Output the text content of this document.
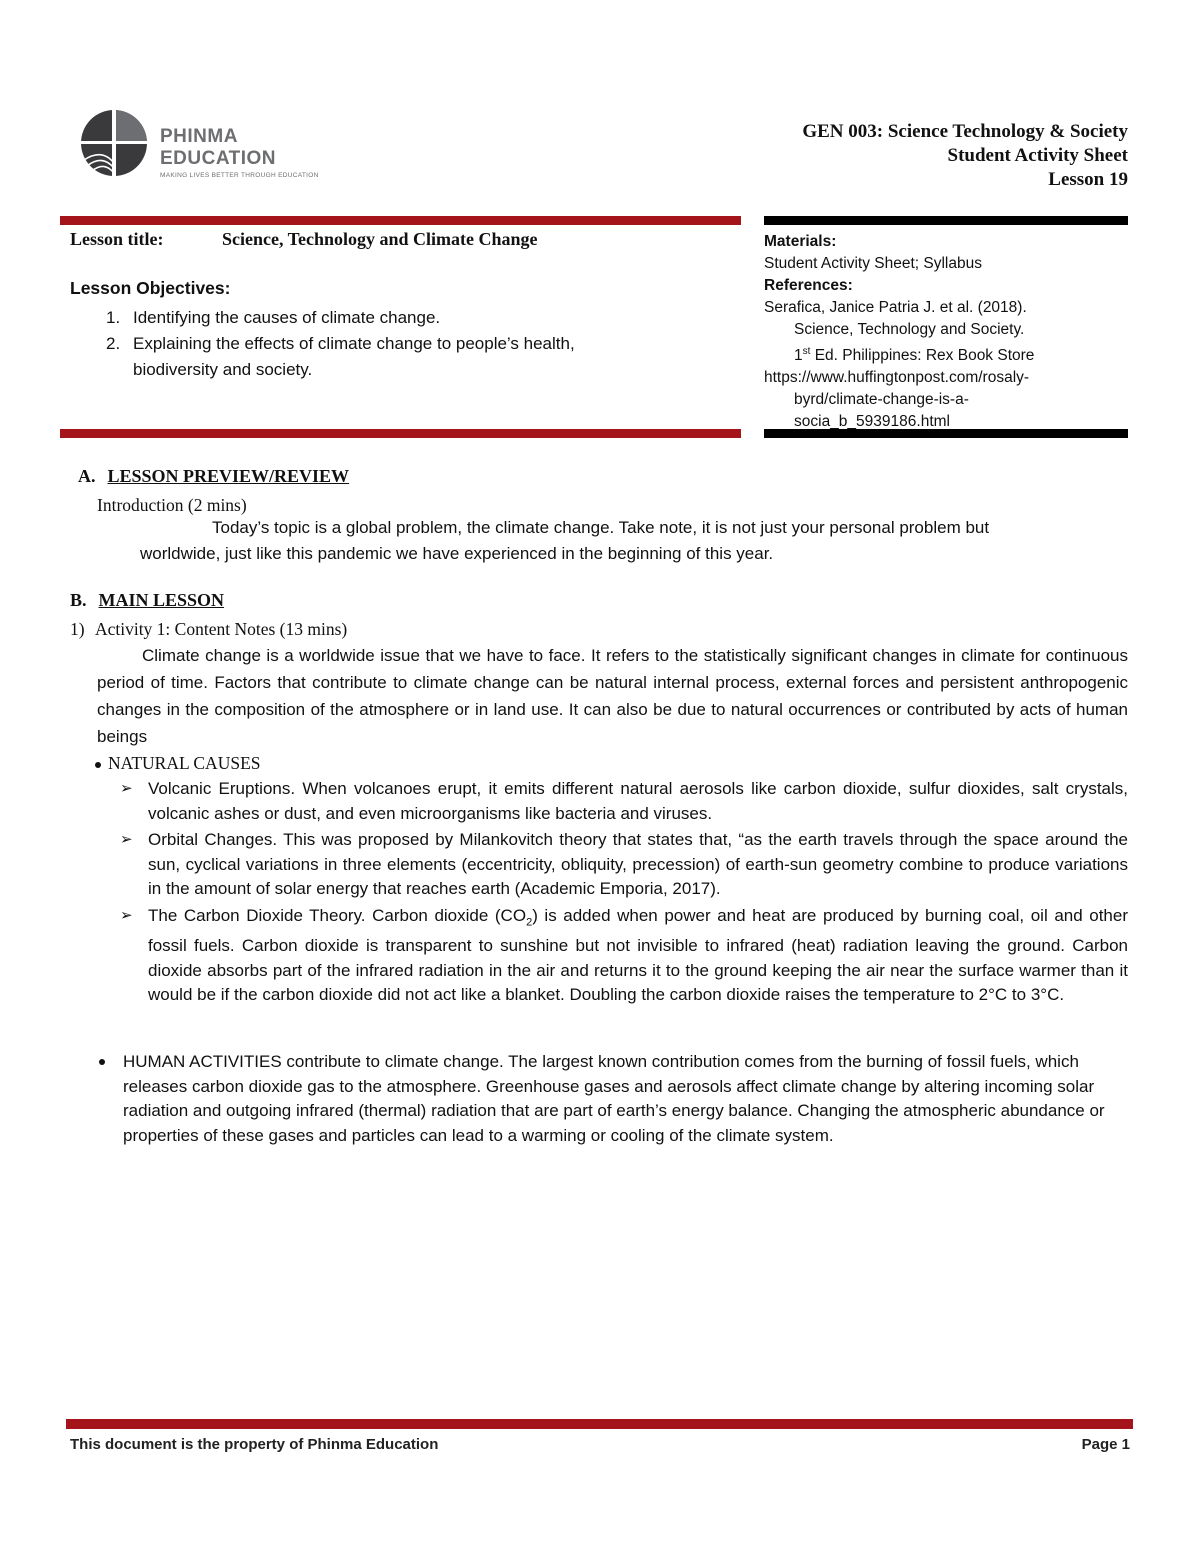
PHINMA EDUCATION
MAKING LIVES BETTER THROUGH EDUCATION
GEN 003: Science Technology & Society
Student Activity Sheet
Lesson 19
Lesson title:	Science, Technology and Climate Change
Lesson Objectives:
1. Identifying the causes of climate change.
2. Explaining the effects of climate change to people’s health,
biodiversity and society.
Materials:
Student Activity Sheet; Syllabus
References:
Serafica, Janice Patria J. et al. (2018).
Science, Technology and Society.
1st Ed. Philippines: Rex Book Store
https://www.huffingtonpost.com/rosaly-
byrd/climate-change-is-a-
socia_b_5939186.html
A. LESSON PREVIEW/REVIEW
Introduction (2 mins)
Today’s topic is a global problem, the climate change. Take note, it is not just your personal problem but
worldwide, just like this pandemic we have experienced in the beginning of this year.
B. MAIN LESSON
1) Activity 1: Content Notes (13 mins)
Climate change is a worldwide issue that we have to face. It refers to the statistically significant changes in climate for continuous period of time. Factors that contribute to climate change can be natural internal process, external forces and persistent anthropogenic changes in the composition of the atmosphere or in land use. It can also be due to natural occurrences or contributed by acts of human beings
NATURAL CAUSES
➢ Volcanic Eruptions. When volcanoes erupt, it emits different natural aerosols like carbon dioxide, sulfur dioxides, salt crystals, volcanic ashes or dust, and even microorganisms like bacteria and viruses.
➢ Orbital Changes. This was proposed by Milankovitch theory that states that, “as the earth travels through the space around the sun, cyclical variations in three elements (eccentricity, obliquity, precession) of earth-sun geometry combine to produce variations in the amount of solar energy that reaches earth (Academic Emporia, 2017).
➢ The Carbon Dioxide Theory. Carbon dioxide $(CO_2)$ is added when power and heat are produced by burning coal, oil and other fossil fuels. Carbon dioxide is transparent to sunshine but not invisible to infrared (heat) radiation leaving the ground. Carbon dioxide absorbs part of the infrared radiation in the air and returns it to the ground keeping the air near the surface warmer than it would be if the carbon dioxide did not act like a blanket. Doubling the carbon dioxide raises the temperature to 2°C to 3°C.
HUMAN ACTIVITIES contribute to climate change. The largest known contribution comes from the burning of fossil fuels, which releases carbon dioxide gas to the atmosphere. Greenhouse gases and aerosols affect climate change by altering incoming solar radiation and outgoing infrared (thermal) radiation that are part of earth’s energy balance. Changing the atmospheric abundance or properties of these gases and particles can lead to a warming or cooling of the climate system.
This document is the property of Phinma Education	Page 1
